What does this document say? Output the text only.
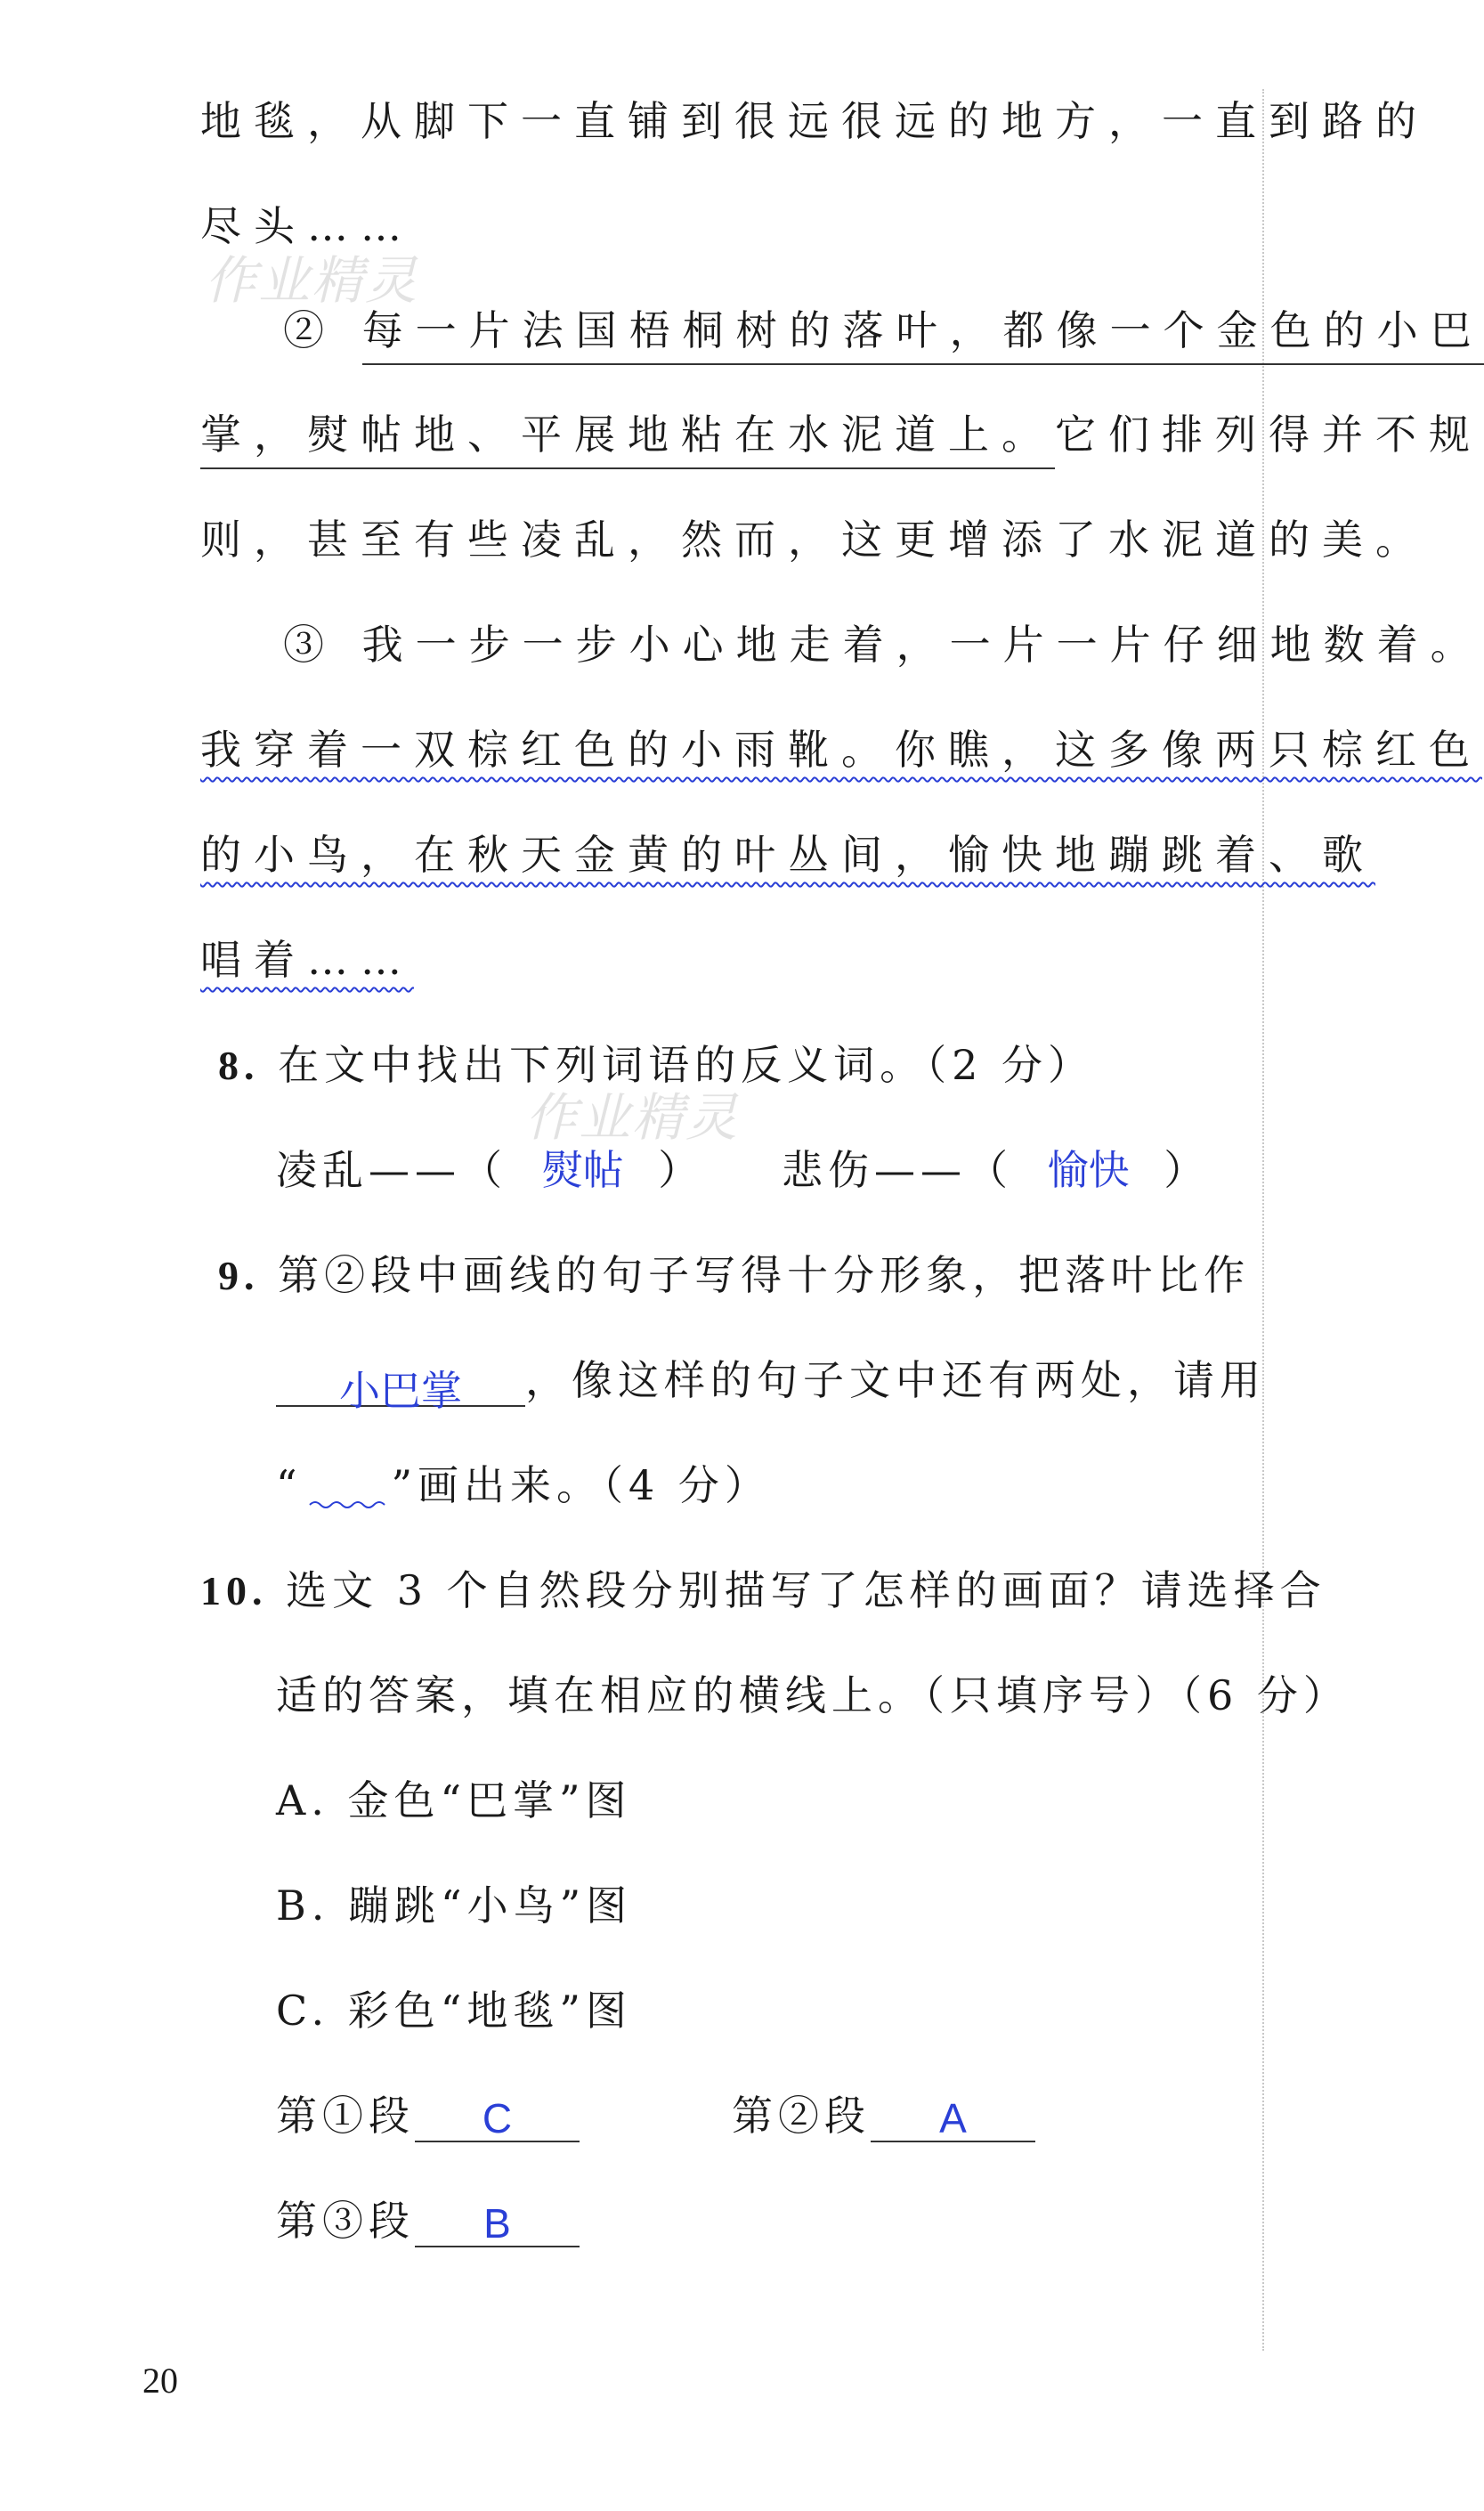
作业精灵
作业精灵
地毯，从脚下一直铺到很远很远的地方，一直到路的
尽头……
② 每一片法国梧桐树的落叶，都像一个金色的小巴
掌，熨帖地、平展地粘在水泥道上。它们排列得并不规
则，甚至有些凌乱，然而，这更增添了水泥道的美。
③ 我一步一步小心地走着，一片一片仔细地数着。
我穿着一双棕红色的小雨靴。你瞧，这多像两只棕红色
的小鸟，在秋天金黄的叶丛间，愉快地蹦跳着、歌
唱着……
8. 在文中找出下列词语的反义词。（2 分）
凌乱——（ 熨帖 ） 悲伤——（ 愉快 ）
9. 第②段中画线的句子写得十分形象，把落叶比作
小巴掌 ，像这样的句子文中还有两处，请用
“ ”画出来。（4 分）
10. 选文 3 个自然段分别描写了怎样的画面？请选择合
适的答案，填在相应的横线上。（只填序号）（6 分）
A. 金色“巴掌”图
B. 蹦跳“小鸟”图
C. 彩色“地毯”图
第①段 C	第②段 A
第③段 B
20
